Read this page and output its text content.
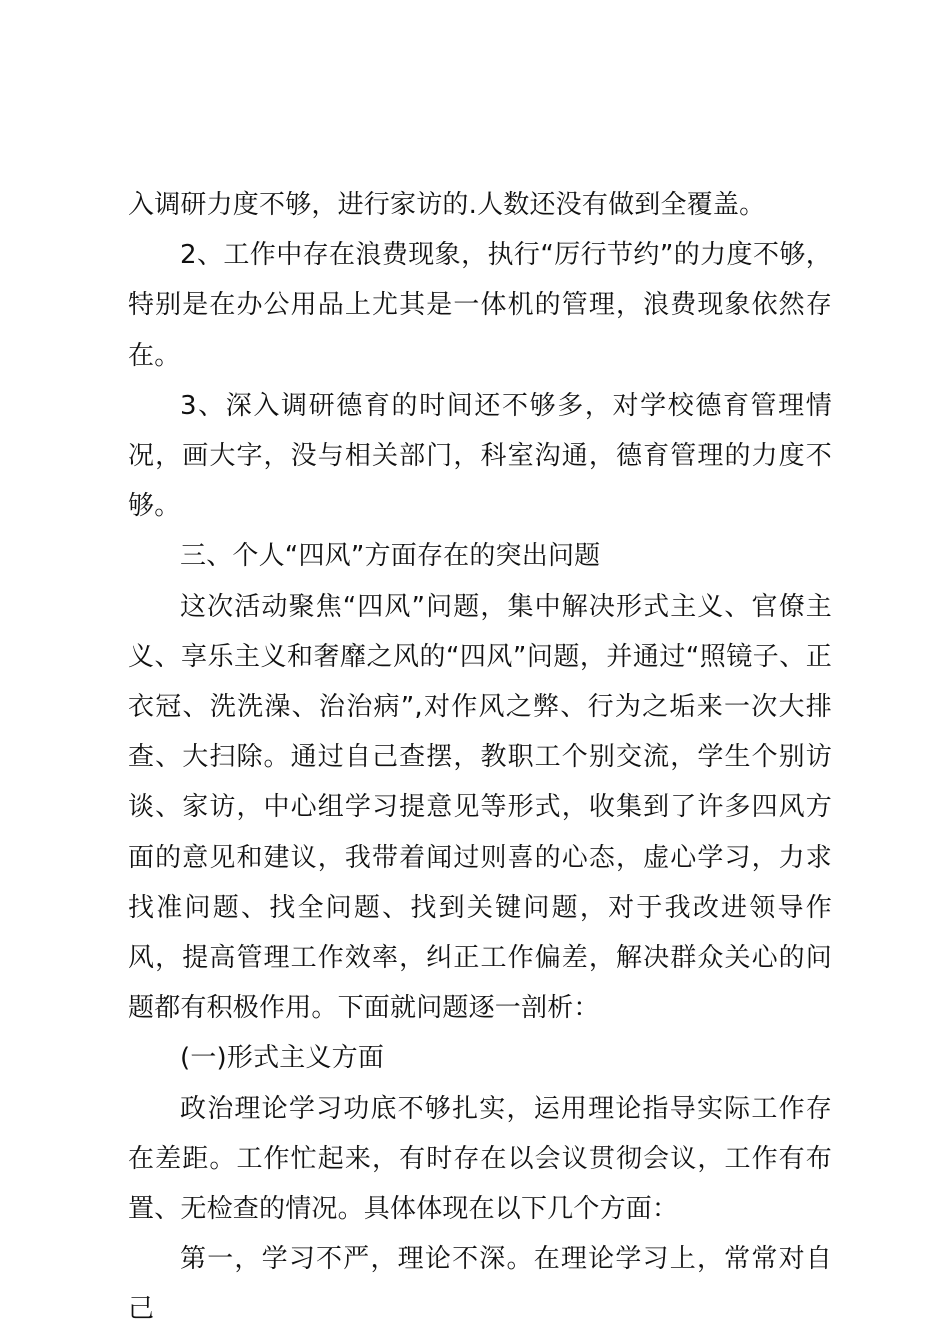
入调研力度不够，进行家访的.人数还没有做到全覆盖。

2、工作中存在浪费现象，执行“厉行节约”的力度不够，特别是在办公用品上尤其是一体机的管理，浪费现象依然存在。

3、深入调研德育的时间还不够多，对学校德育管理情况，画大字，没与相关部门，科室沟通，德育管理的力度不够。

三、个人“四风”方面存在的突出问题

这次活动聚焦“四风”问题，集中解决形式主义、官僚主义、享乐主义和奢靡之风的“四风”问题，并通过“照镜子、正衣冠、洗洗澡、治治病”,对作风之弊、行为之垢来一次大排查、大扫除。通过自己查摆，教职工个别交流，学生个别访谈、家访，中心组学习提意见等形式，收集到了许多四风方面的意见和建议，我带着闻过则喜的心态，虚心学习，力求找准问题、找全问题、找到关键问题，对于我改进领导作风，提高管理工作效率，纠正工作偏差，解决群众关心的问题都有积极作用。下面就问题逐一剖析：

(一)形式主义方面

政治理论学习功底不够扎实，运用理论指导实际工作存在差距。工作忙起来，有时存在以会议贯彻会议，工作有布置、无检查的情况。具体体现在以下几个方面：

第一，学习不严，理论不深。在理论学习上，常常对自己
